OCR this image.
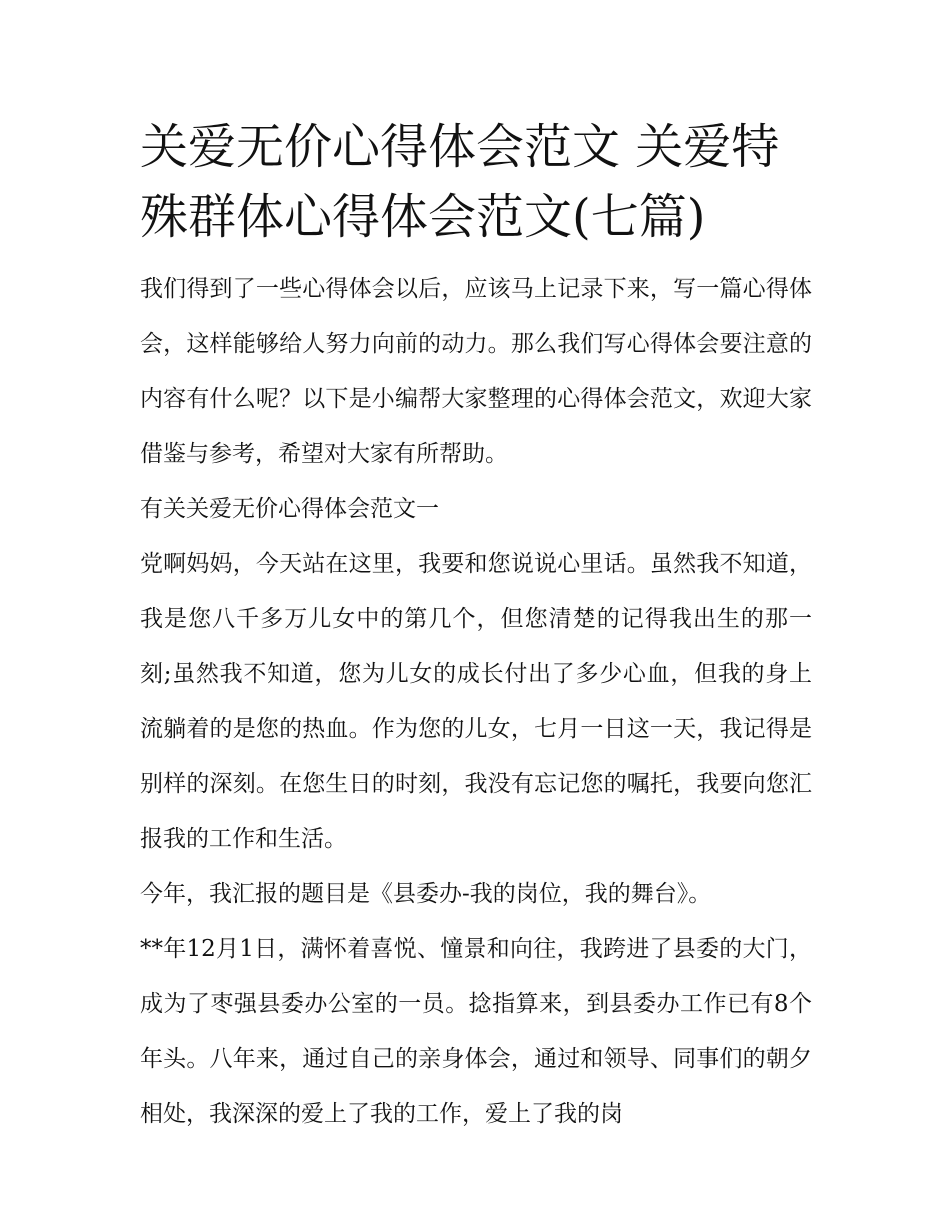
关爱无价心得体会范文 关爱特殊群体心得体会范文(七篇)

我们得到了一些心得体会以后，应该马上记录下来，写一篇心得体会，这样能够给人努力向前的动力。那么我们写心得体会要注意的内容有什么呢？以下是小编帮大家整理的心得体会范文，欢迎大家借鉴与参考，希望对大家有所帮助。

有关关爱无价心得体会范文一

党啊妈妈，今天站在这里，我要和您说说心里话。虽然我不知道，我是您八千多万儿女中的第几个，但您清楚的记得我出生的那一刻;虽然我不知道，您为儿女的成长付出了多少心血，但我的身上流躺着的是您的热血。作为您的儿女，七月一日这一天，我记得是别样的深刻。在您生日的时刻，我没有忘记您的嘱托，我要向您汇报我的工作和生活。

今年，我汇报的题目是《县委办-我的岗位，我的舞台》。

**年12月1日，满怀着喜悦、憧景和向往，我跨进了县委的大门，成为了枣强县委办公室的一员。捻指算来，到县委办工作已有8个年头。八年来，通过自己的亲身体会，通过和领导、同事们的朝夕相处，我深深的爱上了我的工作，爱上了我的岗
